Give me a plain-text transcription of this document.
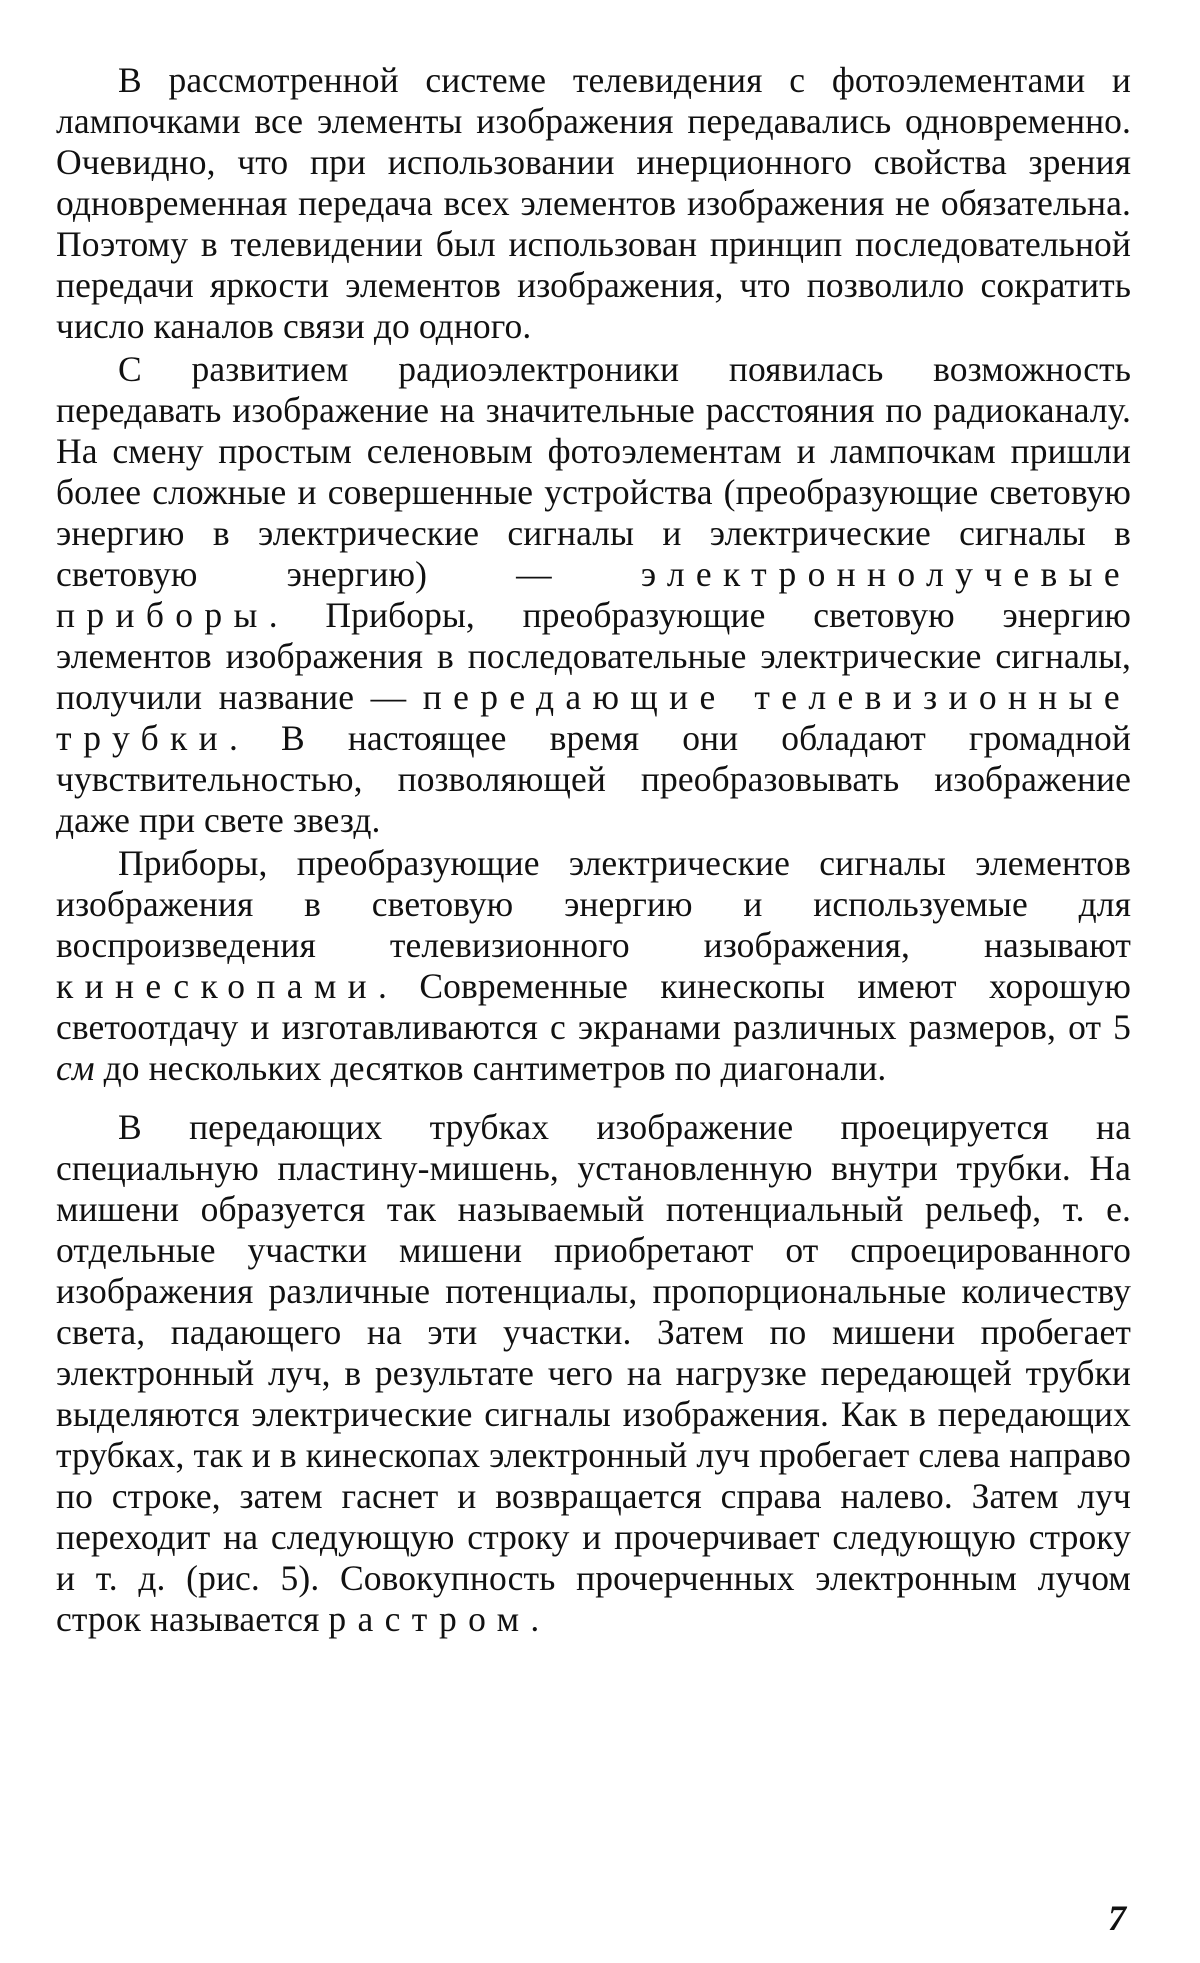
В рассмотренной системе телевидения с фотоэлементами и лампочками все элементы изображения передавались одновременно. Очевидно, что при использовании инерционного свойства зрения одновременная передача всех элементов изображения не обязательна. Поэтому в телевидении был использован принцип последовательной передачи яркости элементов изображения, что позволило сократить число каналов связи до одного.

С развитием радиоэлектроники появилась возможность передавать изображение на значительные расстояния по радиоканалу. На смену простым селеновым фотоэлементам и лампочкам пришли более сложные и совершенные устройства (преобразующие световую энергию в электрические сигналы и электрические сигналы в световую энергию) — электроннолучевые приборы. Приборы, преобразующие световую энергию элементов изображения в последовательные электрические сигналы, получили название — передающие телевизионные трубки. В настоящее время они обладают громадной чувствительностью, позволяющей преобразовывать изображение даже при свете звезд.

Приборы, преобразующие электрические сигналы элементов изображения в световую энергию и используемые для воспроизведения телевизионного изображения, называют кинескопами. Современные кинескопы имеют хорошую светоотдачу и изготавливаются с экранами различных размеров, от 5 см до нескольких десятков сантиметров по диагонали.

В передающих трубках изображение проецируется на специальную пластину-мишень, установленную внутри трубки. На мишени образуется так называемый потенциальный рельеф, т. е. отдельные участки мишени приобретают от спроецированного изображения различные потенциалы, пропорциональные количеству света, падающего на эти участки. Затем по мишени пробегает электронный луч, в результате чего на нагрузке передающей трубки выделяются электрические сигналы изображения. Как в передающих трубках, так и в кинескопах электронный луч пробегает слева направо по строке, затем гаснет и возвращается справа налево. Затем луч переходит на следующую строку и прочерчивает следующую строку и т. д. (рис. 5). Совокупность прочерченных электронным лучом строк называется растром.

7
